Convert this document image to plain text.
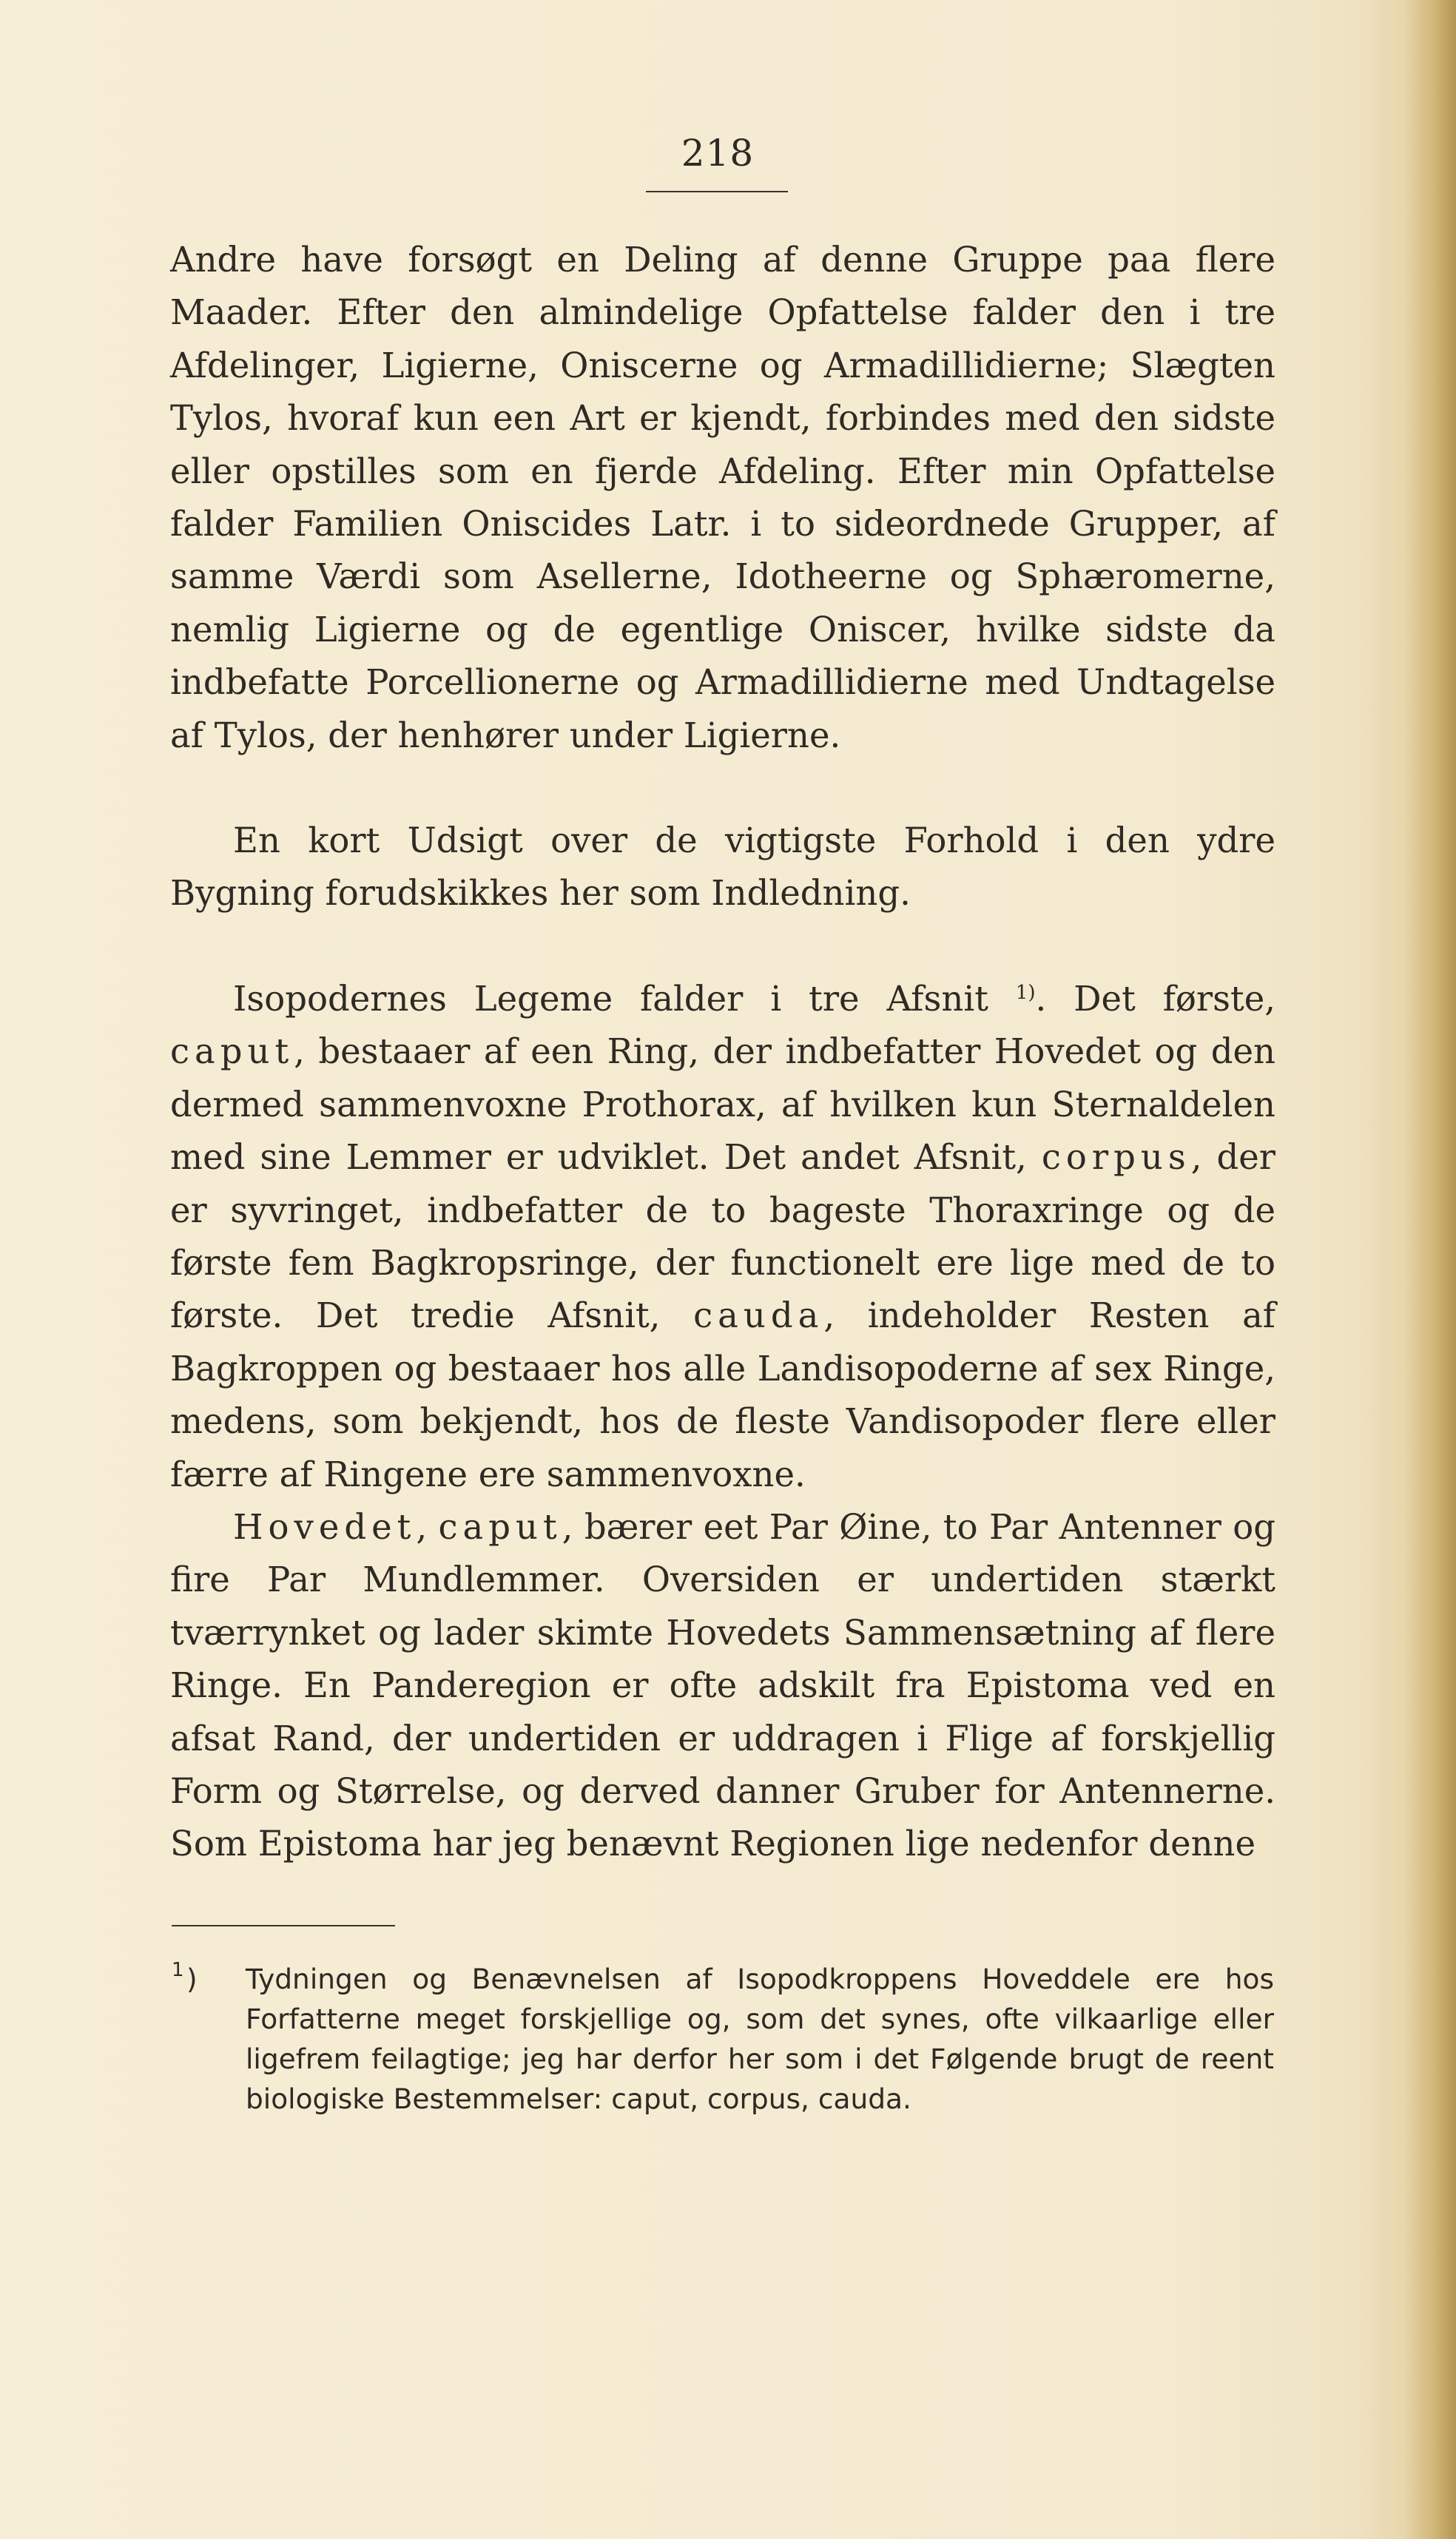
218

Andre have forsøgt en Deling af denne Gruppe paa flere Maader. Efter den almindelige Opfattelse falder den i tre Afdelinger, Ligierne, Oniscerne og Armadillidierne; Slægten Tylos, hvoraf kun een Art er kjendt, forbindes med den sidste eller opstilles som en fjerde Afdeling. Efter min Opfattelse falder Familien Oniscides Latr. i to sideordnede Grupper, af samme Værdi som Asellerne, Idotheerne og Sphæromerne, nemlig Ligierne og de egentlige Oniscer, hvilke sidste da indbefatte Porcellionerne og Armadillidierne med Undtagelse af Tylos, der henhører under Ligierne.

En kort Udsigt over de vigtigste Forhold i den ydre Bygning forudskikkes her som Indledning.

Isopodernes Legeme falder i tre Afsnit $^{1)}$. Det første, caput, bestaaer af een Ring, der indbefatter Hovedet og den dermed sammenvoxne Prothorax, af hvilken kun Sternaldelen med sine Lemmer er udviklet. Det andet Afsnit, corpus, der er syvringet, indbefatter de to bageste Thoraxringe og de første fem Bagkropsringe, der functionelt ere lige med de to første. Det tredie Afsnit, cauda, indeholder Resten af Bagkroppen og bestaaer hos alle Landisopoderne af sex Ringe, medens, som bekjendt, hos de fleste Vandisopoder flere eller færre af Ringene ere sammenvoxne.

Hovedet, caput, bærer eet Par Øine, to Par Antenner og fire Par Mundlemmer. Oversiden er undertiden stærkt tværrynket og lader skimte Hovedets Sammensætning af flere Ringe. En Panderegion er ofte adskilt fra Epistoma ved en afsat Rand, der undertiden er uddragen i Flige af forskjellig Form og Størrelse, og derved danner Gruber for Antennerne. Som Epistoma har jeg benævnt Regionen lige nedenfor denne

1 )	Tydningen og Benævnelsen af Isopodkroppens Hoveddele ere hos Forfatterne meget forskjellige og, som det synes, ofte vilkaarlige eller ligefrem feilagtige; jeg har derfor her som i det Følgende brugt de reent biologiske Bestemmelser: caput, corpus, cauda.
